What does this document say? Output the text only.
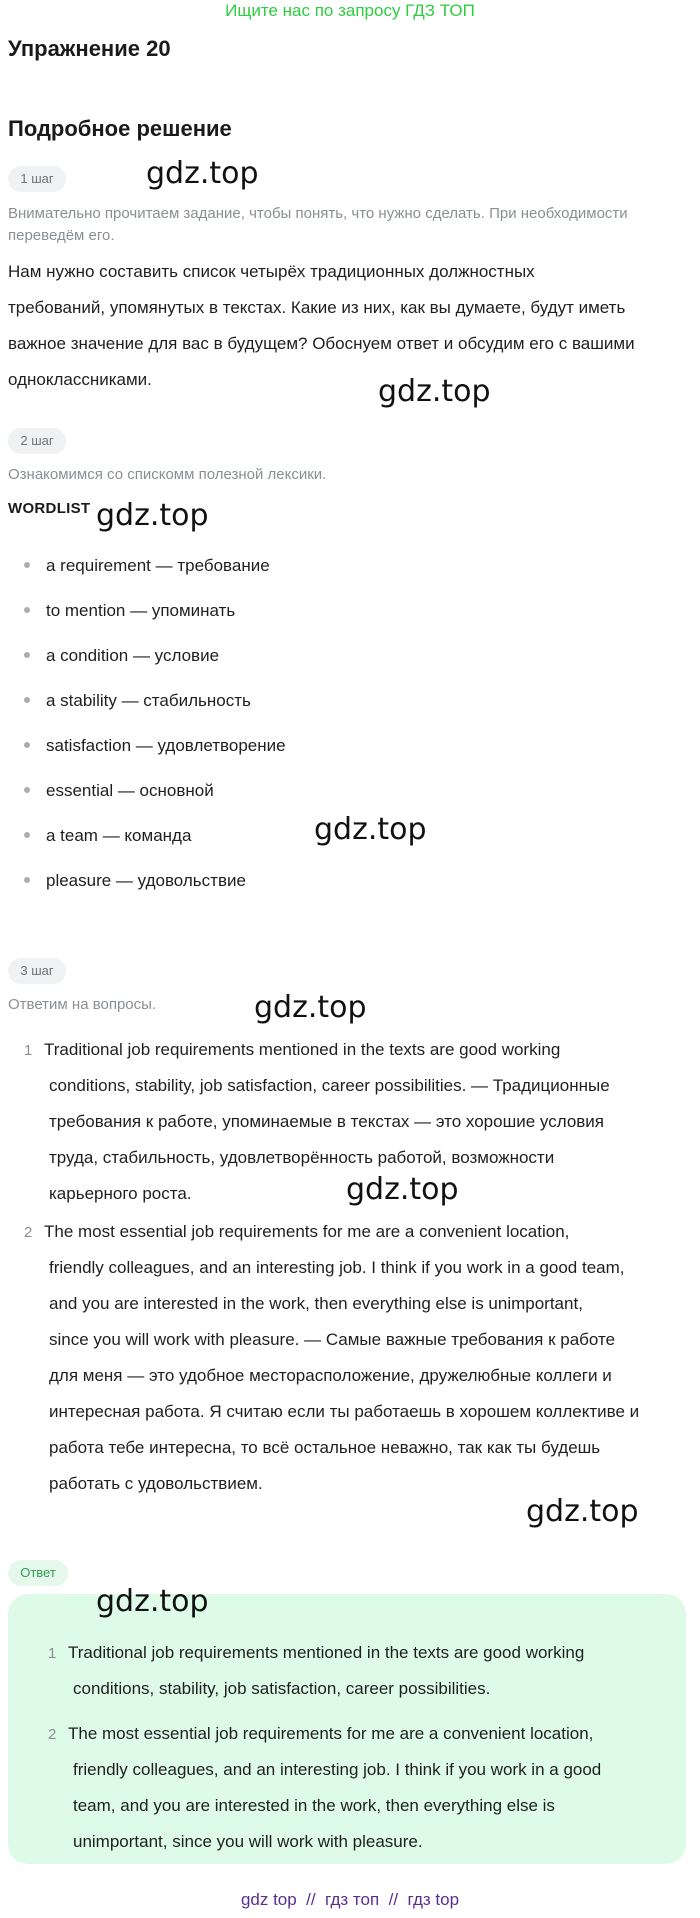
Ищите нас по запросу ГДЗ ТОП
Упражнение 20
Подробное решение
1 шаг	gdz.top
Внимательно прочитаем задание, чтобы понять, что нужно сделать. При необходимости
переведём его.
Нам нужно составить список четырёх традиционных должностных
требований, упомянутых в текстах. Какие из них, как вы думаете, будут иметь
важное значение для вас в будущем? Обоснуем ответ и обсудим его с вашими
одноклассниками.	gdz.top
2 шаг
Ознакомимся со спискомм полезной лексики.
WORDLIST gdz.top
a requirement — требование
to mention — упоминать
a condition — условие
a stability — стабильность
satisfaction — удовлетворение
essential — основной
a team — команда
pleasure — удовольствие
gdz.top
3 шаг
Ответим на вопросы.	gdz.top
1 Traditional job requirements mentioned in the texts are good working
conditions, stability, job satisfaction, career possibilities. — Традиционные
требования к работе, упоминаемые в текстах — это хорошие условия
труда, стабильность, удовлетворённость работой, возможности
карьерного роста.	gdz.top
2 The most essential job requirements for me are a convenient location,
friendly colleagues, and an interesting job. I think if you work in a good team,
and you are interested in the work, then everything else is unimportant,
since you will work with pleasure. — Самые важные требования к работе
для меня — это удобное месторасположение, дружелюбные коллеги и
интересная работа. Я считаю если ты работаешь в хорошем коллективе и
работа тебе интересна, то всё остальное неважно, так как ты будешь
работать с удовольствием.
gdz.top
Ответ
gdz.top
1 Traditional job requirements mentioned in the texts are good working
conditions, stability, job satisfaction, career possibilities.
2 The most essential job requirements for me are a convenient location,
friendly colleagues, and an interesting job. I think if you work in a good
team, and you are interested in the work, then everything else is
unimportant, since you will work with pleasure.
gdz top  //  гдз топ  //  гдз top
